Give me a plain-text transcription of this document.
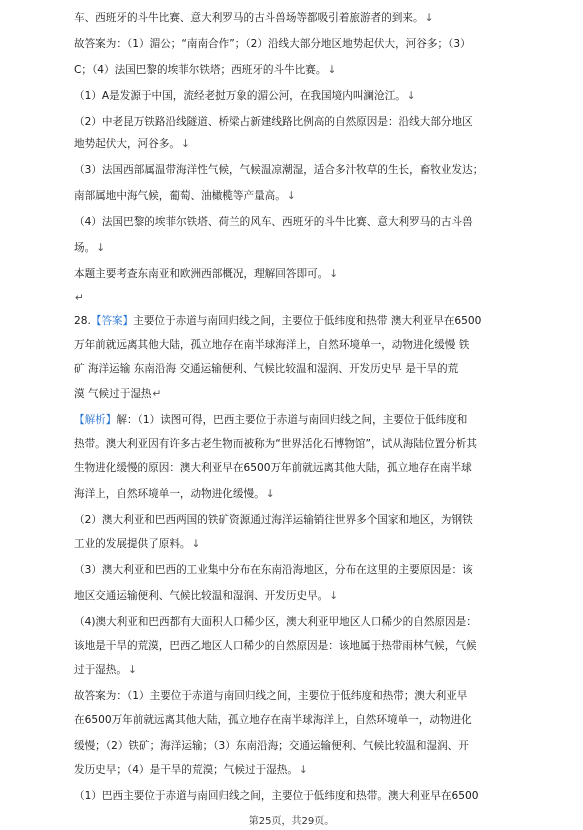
车、西班牙的斗牛比赛、意大利罗马的古斗兽场等都吸引着旅游者的到来。↓
故答案为：（1）湄公；“南南合作”；（2）沿线大部分地区地势起伏大，河谷多；（3）
C；（4）法国巴黎的埃菲尔铁塔；西班牙的斗牛比赛。↓
（1）A是发源于中国，流经老挝万象的湄公河，在我国境内叫澜沧江。↓
（2）中老昆万铁路沿线隧道、桥梁占新建线路比例高的自然原因是：沿线大部分地区
地势起伏大，河谷多。↓
（3）法国西部属温带海洋性气候，气候温凉潮湿，适合多汁牧草的生长，畜牧业发达；
南部属地中海气候，葡萄、油橄榄等产量高。↓
（4）法国巴黎的埃菲尔铁塔、荷兰的风车、西班牙的斗牛比赛、意大利罗马的古斗兽
场。↓
本题主要考查东南亚和欧洲西部概况，理解回答即可。↓
↵
28.【答案】主要位于赤道与南回归线之间，主要位于低纬度和热带 澳大利亚早在6500
万年前就远离其他大陆，孤立地存在南半球海洋上，自然环境单一，动物进化缓慢 铁
矿 海洋运输 东南沿海 交通运输便利、气候比较温和湿润、开发历史早 是干旱的荒
漠 气候过于湿热↵
【解析】解：（1）读图可得，巴西主要位于赤道与南回归线之间，主要位于低纬度和
热带。澳大利亚因有许多古老生物而被称为“世界活化石博物馆”，试从海陆位置分析其
生物进化缓慢的原因：澳大利亚早在6500万年前就远离其他大陆，孤立地存在南半球
海洋上，自然环境单一，动物进化缓慢。↓
（2）澳大利亚和巴西两国的铁矿资源通过海洋运输销往世界多个国家和地区，为钢铁
工业的发展提供了原料。↓
（3）澳大利亚和巴西的工业集中分布在东南沿海地区，分布在这里的主要原因是：该
地区交通运输便利、气候比较温和湿润、开发历史早。↓
（4)澳大利亚和巴西都有大面积人口稀少区，澳大利亚甲地区人口稀少的自然原因是：
该地是干旱的荒漠，巴西乙地区人口稀少的自然原因是：该地属于热带雨林气候，气候
过于湿热。↓
故答案为：（1）主要位于赤道与南回归线之间，主要位于低纬度和热带；澳大利亚早
在6500万年前就远离其他大陆，孤立地存在南半球海洋上，自然环境单一，动物进化
缓慢；（2）铁矿；海洋运输；（3）东南沿海；交通运输便利、气候比较温和湿润、开
发历史早；（4）是干旱的荒漠；气候过于湿热。↓
（1）巴西主要位于赤道与南回归线之间，主要位于低纬度和热带。澳大利亚早在6500
第25页，共29页。
